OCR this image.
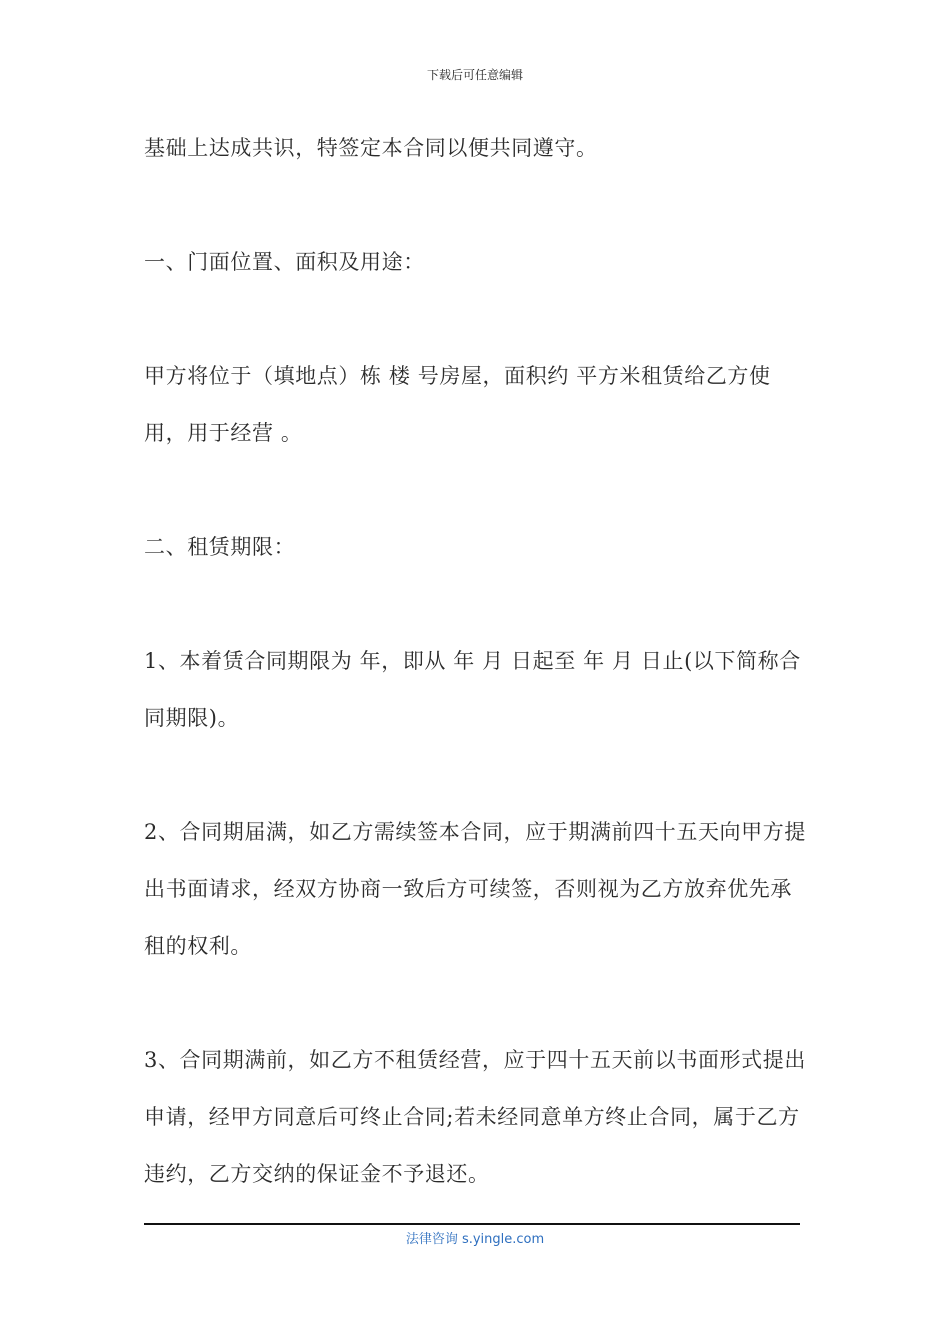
下载后可任意编辑

基础上达成共识，特签定本合同以便共同遵守。

一、门面位置、面积及用途：

甲方将位于（填地点）栋 楼 号房屋，面积约 平方米租赁给乙方使用，用于经营 。

二、租赁期限：

1、本着赁合同期限为 年，即从 年 月 日起至 年 月 日止(以下简称合同期限)。

2、合同期届满，如乙方需续签本合同，应于期满前四十五天向甲方提出书面请求，经双方协商一致后方可续签，否则视为乙方放弃优先承租的权利。

3、合同期满前，如乙方不租赁经营，应于四十五天前以书面形式提出申请，经甲方同意后可终止合同;若未经同意单方终止合同，属于乙方违约，乙方交纳的保证金不予退还。

法律咨询 s.yingle.com
